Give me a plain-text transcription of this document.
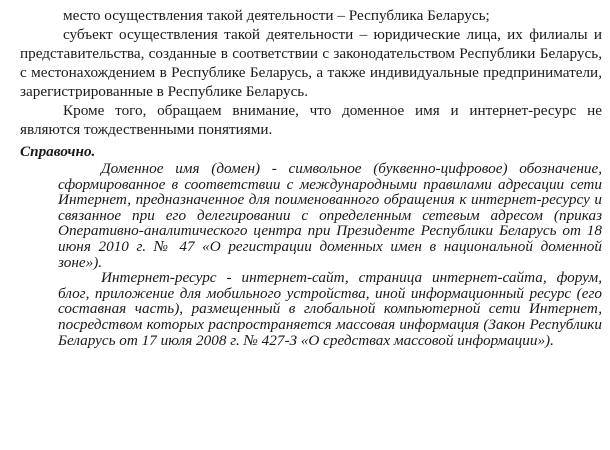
место осуществления такой деятельности – Республика Беларусь;

субъект осуществления такой деятельности – юридические лица, их филиалы и представительства, созданные в соответствии с законодательством Республики Беларусь, с местонахождением в Республике Беларусь, а также индивидуальные предприниматели, зарегистрированные в Республике Беларусь.

Кроме того, обращаем внимание, что доменное имя и интернет-ресурс не являются тождественными понятиями.

Справочно.

Доменное имя (домен) - символьное (буквенно-цифровое) обозначение, сформированное в соответствии с международными правилами адресации сети Интернет, предназначенное для поименованного обращения к интернет-ресурсу и связанное при его делегировании с определенным сетевым адресом (приказ Оперативно-аналитического центра при Президенте Республики Беларусь от 18 июня 2010 г. № 47 «О регистрации доменных имен в национальной доменной зоне»).

Интернет-ресурс - интернет-сайт, страница интернет-сайта, форум, блог, приложение для мобильного устройства, иной информационный ресурс (его составная часть), размещенный в глобальной компьютерной сети Интернет, посредством которых распространяется массовая информация (Закон Республики Беларусь от 17 июля 2008 г. № 427-З «О средствах массовой информации»).
